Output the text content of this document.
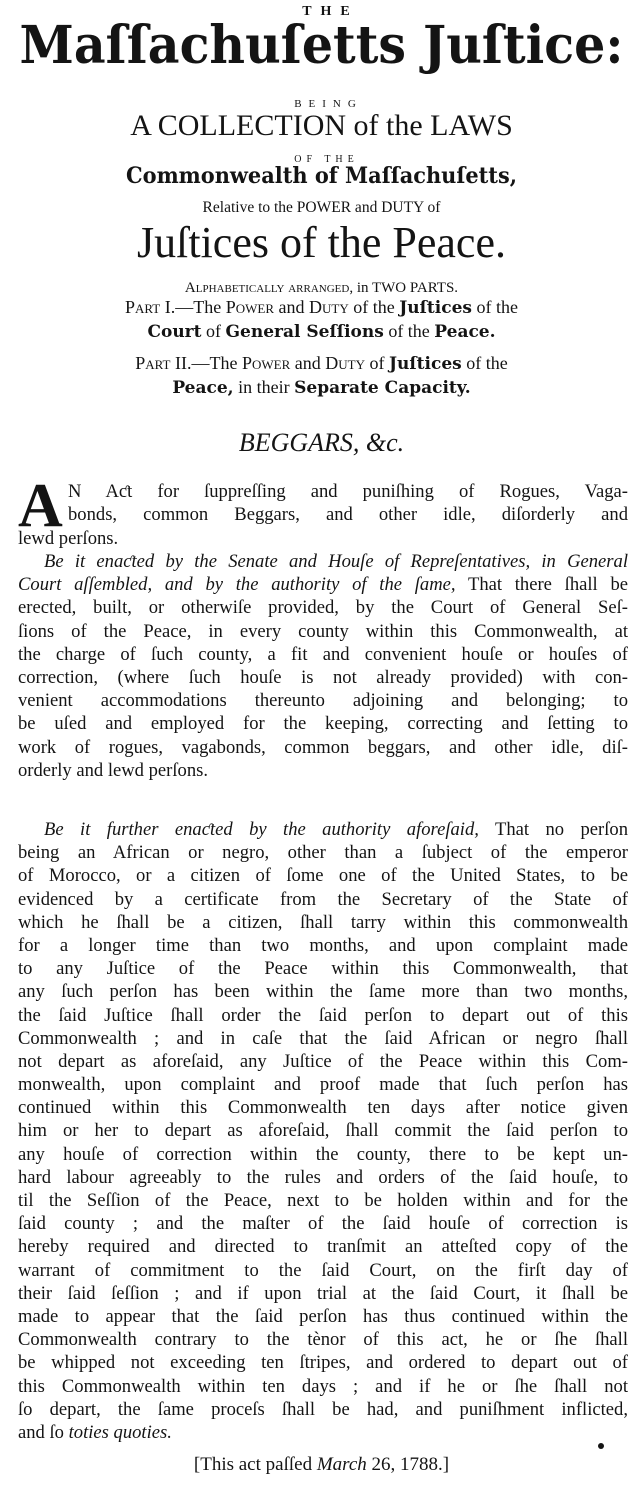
THE
Maſſachuſetts Juſtice:
BEING
A COLLECTION of the LAWS
OF THE
Commonwealth of Maſſachuſetts,
Relative to the POWER and DUTY of
Juſtices of the Peace.
Alphabetically arranged, in TWO PARTS.
Part I.—The Power and Duty of the Juſtices of the
Court of General Seſſions of the Peace.
Part II.—The Power and Duty of Juſtices of the
Peace, in their Separate Capacity.
BEGGARS, &c.
A N Aƈt for ſuppreſſing and puniſhing of Rogues, Vaga-
bonds, common Beggars, and other idle, diſorderly and
lewd perſons.
Be it enaƈted by the Senate and Houſe of Repreſentatives, in General
Court aſſembled, and by the authority of the ſame, That there ſhall be
erected, built, or otherwiſe provided, by the Court of General Seſ-
ſions of the Peace, in every county within this Commonwealth, at
the charge of ſuch county, a fit and convenient houſe or houſes of
correction, (where ſuch houſe is not already provided) with con-
venient accommodations thereunto adjoining and belonging; to
be uſed and employed for the keeping, correcting and ſetting to
work of rogues, vagabonds, common beggars, and other idle, diſ-
orderly and lewd perſons.
Be it further enaƈted by the authority aforeſaid, That no perſon
being an African or negro, other than a ſubject of the emperor
of Morocco, or a citizen of ſome one of the United States, to be
evidenced by a certificate from the Secretary of the State of
which he ſhall be a citizen, ſhall tarry within this commonwealth
for a longer time than two months, and upon complaint made
to any Juſtice of the Peace within this Commonwealth, that
any ſuch perſon has been within the ſame more than two months,
the ſaid Juſtice ſhall order the ſaid perſon to depart out of this
Commonwealth ; and in caſe that the ſaid African or negro ſhall
not depart as aforeſaid, any Juſtice of the Peace within this Com-
monwealth, upon complaint and proof made that ſuch perſon has
continued within this Commonwealth ten days after notice given
him or her to depart as aforeſaid, ſhall commit the ſaid perſon to
any houſe of correction within the county, there to be kept un-
hard labour agreeably to the rules and orders of the ſaid houſe, to
til the Seſſion of the Peace, next to be holden within and for the
ſaid county ; and the maſter of the ſaid houſe of correction is
hereby required and directed to tranſmit an atteſted copy of the
warrant of commitment to the ſaid Court, on the firſt day of
their ſaid ſeſſion ; and if upon trial at the ſaid Court, it ſhall be
made to appear that the ſaid perſon has thus continued within the
Commonwealth contrary to the tènor of this act, he or ſhe ſhall
be whipped not exceeding ten ſtripes, and ordered to depart out of
this Commonwealth within ten days ; and if he or ſhe ſhall not
ſo depart, the ſame proceſs ſhall be had, and puniſhment inflicted,
and ſo toties quoties.
[This act paſſed March 26, 1788.]
